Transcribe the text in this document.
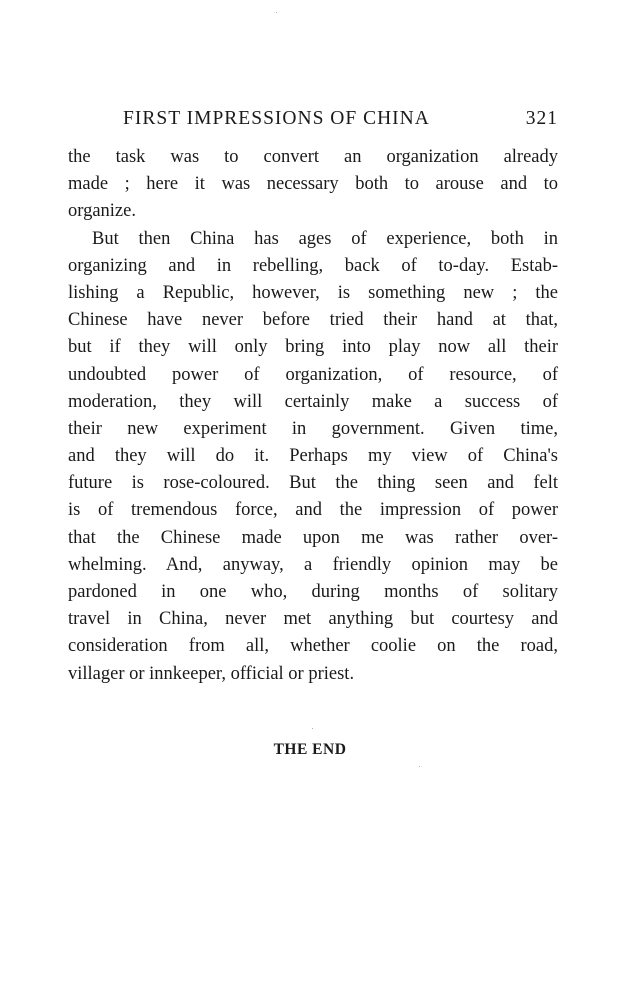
FIRST IMPRESSIONS OF CHINA	321
the task was to convert an organization already
made ; here it was necessary both to arouse and to
organize.
But then China has ages of experience, both in
organizing and in rebelling, back of to-day. Estab-
lishing a Republic, however, is something new ; the
Chinese have never before tried their hand at that,
but if they will only bring into play now all their
undoubted power of organization, of resource, of
moderation, they will certainly make a success of
their new experiment in government. Given time,
and they will do it. Perhaps my view of China's
future is rose-coloured. But the thing seen and felt
is of tremendous force, and the impression of power
that the Chinese made upon me was rather over-
whelming. And, anyway, a friendly opinion may be
pardoned in one who, during months of solitary
travel in China, never met anything but courtesy and
consideration from all, whether coolie on the road,
villager or innkeeper, official or priest.
THE END
